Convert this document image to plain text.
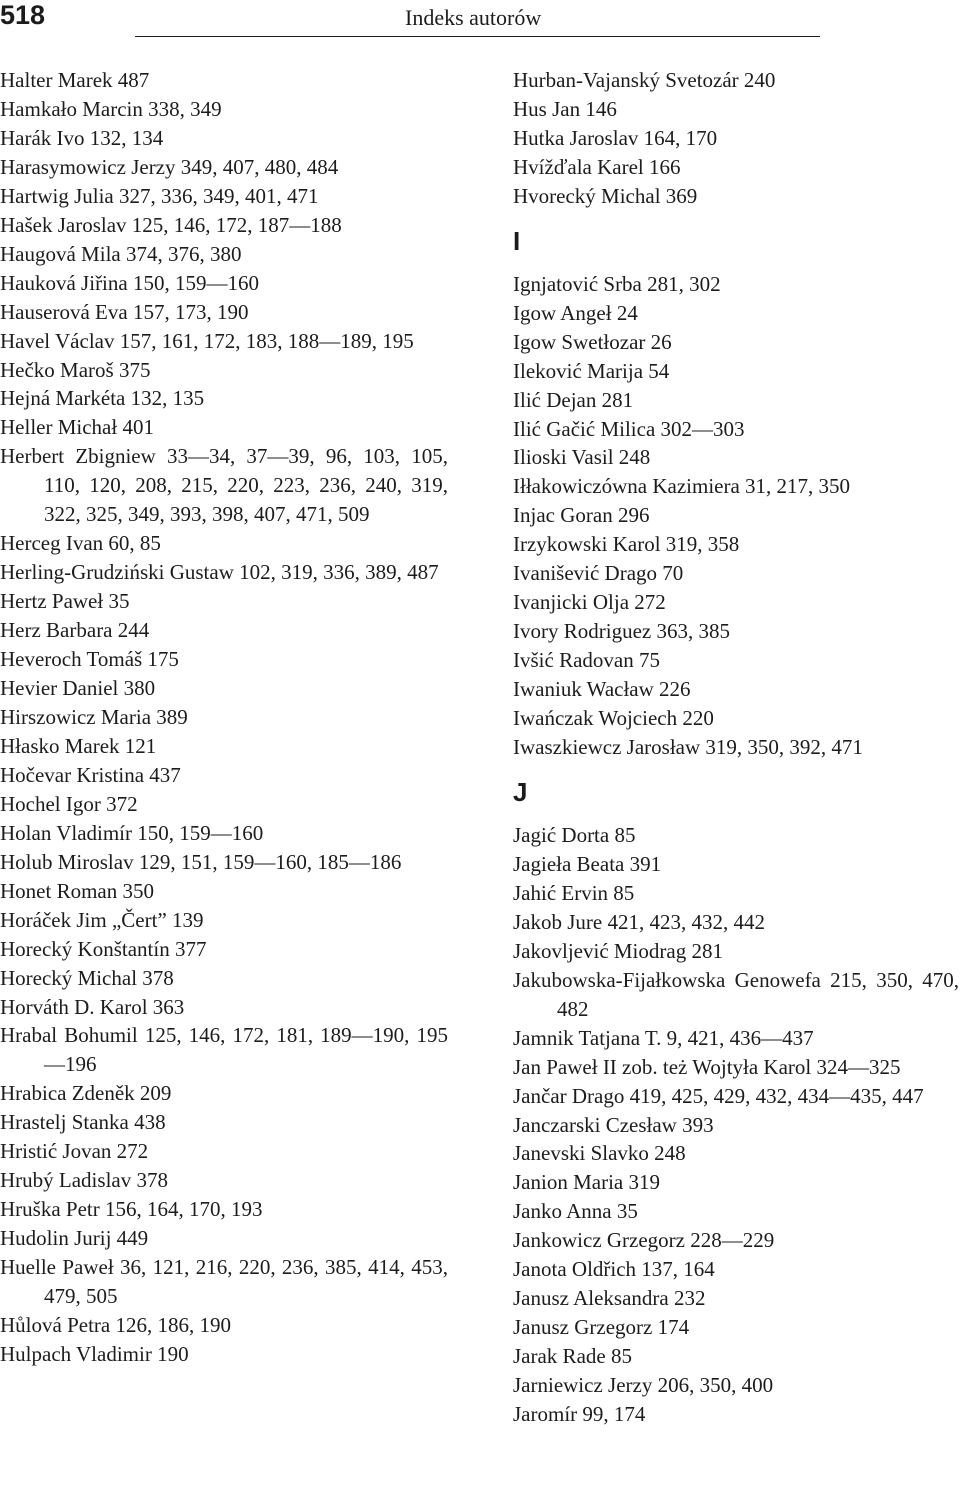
518	Indeks autorów
Halter Marek 487
Hamkało Marcin 338, 349
Harák Ivo 132, 134
Harasymowicz Jerzy 349, 407, 480, 484
Hartwig Julia 327, 336, 349, 401, 471
Hašek Jaroslav 125, 146, 172, 187—188
Haugová Mila 374, 376, 380
Hauková Jiřina 150, 159—160
Hauserová Eva 157, 173, 190
Havel Václav 157, 161, 172, 183, 188—189, 195
Hečko Maroš 375
Hejná Markéta 132, 135
Heller Michał 401
Herbert Zbigniew 33—34, 37—39, 96, 103, 105, 110, 120, 208, 215, 220, 223, 236, 240, 319, 322, 325, 349, 393, 398, 407, 471, 509
Herceg Ivan 60, 85
Herling-Grudziński Gustaw 102, 319, 336, 389, 487
Hertz Paweł 35
Herz Barbara 244
Heveroch Tomáš 175
Hevier Daniel 380
Hirszowicz Maria 389
Hłasko Marek 121
Hočevar Kristina 437
Hochel Igor 372
Holan Vladimír 150, 159—160
Holub Miroslav 129, 151, 159—160, 185—186
Honet Roman 350
Horáček Jim „Čert” 139
Horecký Konštantín 377
Horecký Michal 378
Horváth D. Karol 363
Hrabal Bohumil 125, 146, 172, 181, 189—190, 195—196
Hrabica Zdeněk 209
Hrastelj Stanka 438
Hristić Jovan 272
Hrubý Ladislav 378
Hruška Petr 156, 164, 170, 193
Hudolin Jurij 449
Huelle Paweł 36, 121, 216, 220, 236, 385, 414, 453, 479, 505
Hůlová Petra 126, 186, 190
Hulpach Vladimir 190
Hurban-Vajanský Svetozár 240
Hus Jan 146
Hutka Jaroslav 164, 170
Hvížďala Karel 166
Hvorecký Michal 369
I
Ignjatović Srba 281, 302
Igow Angeł 24
Igow Swetłozar 26
Ileković Marija 54
Ilić Dejan 281
Ilić Gačić Milica 302—303
Ilioski Vasil 248
Iłłakowiczówna Kazimiera 31, 217, 350
Injac Goran 296
Irzykowski Karol 319, 358
Ivanišević Drago 70
Ivanjicki Olja 272
Ivory Rodriguez 363, 385
Ivšić Radovan 75
Iwaniuk Wacław 226
Iwańczak Wojciech 220
Iwaszkiewcz Jarosław 319, 350, 392, 471
J
Jagić Dorta 85
Jagieła Beata 391
Jahić Ervin 85
Jakob Jure 421, 423, 432, 442
Jakovljević Miodrag 281
Jakubowska-Fijałkowska Genowefa 215, 350, 470, 482
Jamnik Tatjana T. 9, 421, 436—437
Jan Paweł II zob. też Wojtyła Karol 324—325
Jančar Drago 419, 425, 429, 432, 434—435, 447
Janczarski Czesław 393
Janevski Slavko 248
Janion Maria 319
Janko Anna 35
Jankowicz Grzegorz 228—229
Janota Oldřich 137, 164
Janusz Aleksandra 232
Janusz Grzegorz 174
Jarak Rade 85
Jarniewicz Jerzy 206, 350, 400
Jaromír 99, 174
